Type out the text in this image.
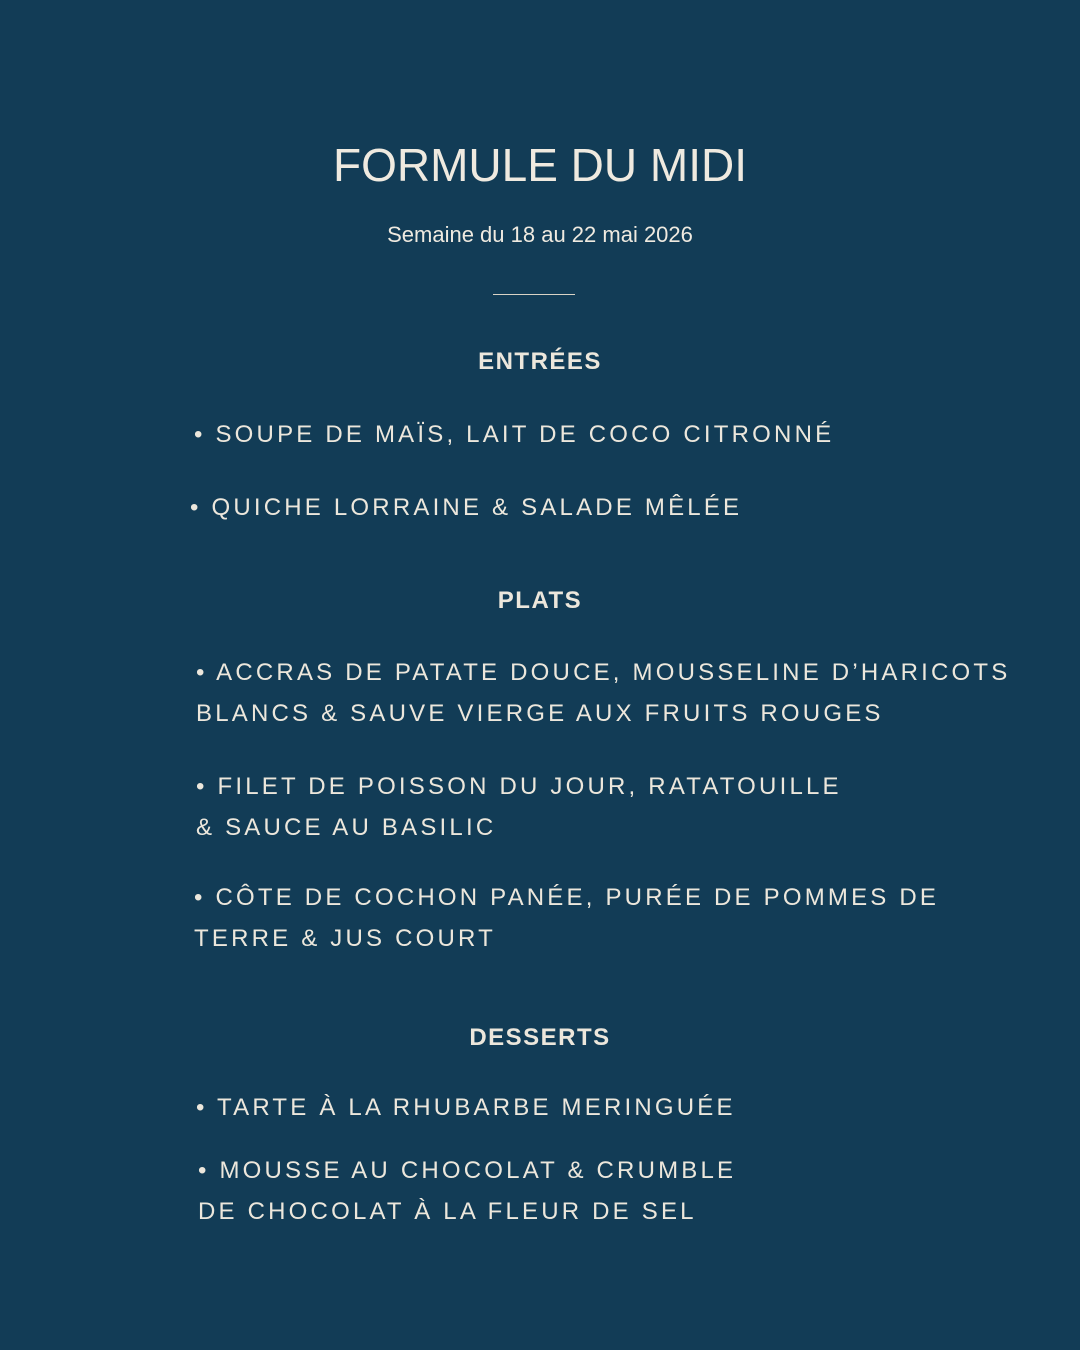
FORMULE DU MIDI
Semaine du 18 au 22 mai 2026
ENTRÉES
• SOUPE DE MAÏS, LAIT DE COCO CITRONNÉ
• QUICHE LORRAINE & SALADE MÊLÉE
PLATS
• ACCRAS DE PATATE DOUCE, MOUSSELINE D’HARICOTS
BLANCS & SAUVE VIERGE AUX FRUITS ROUGES
• FILET DE POISSON DU JOUR, RATATOUILLE
& SAUCE AU BASILIC
• CÔTE DE COCHON PANÉE, PURÉE DE POMMES DE
TERRE & JUS COURT
DESSERTS
• TARTE À LA RHUBARBE MERINGUÉE
• MOUSSE AU CHOCOLAT & CRUMBLE
DE CHOCOLAT À LA FLEUR DE SEL
